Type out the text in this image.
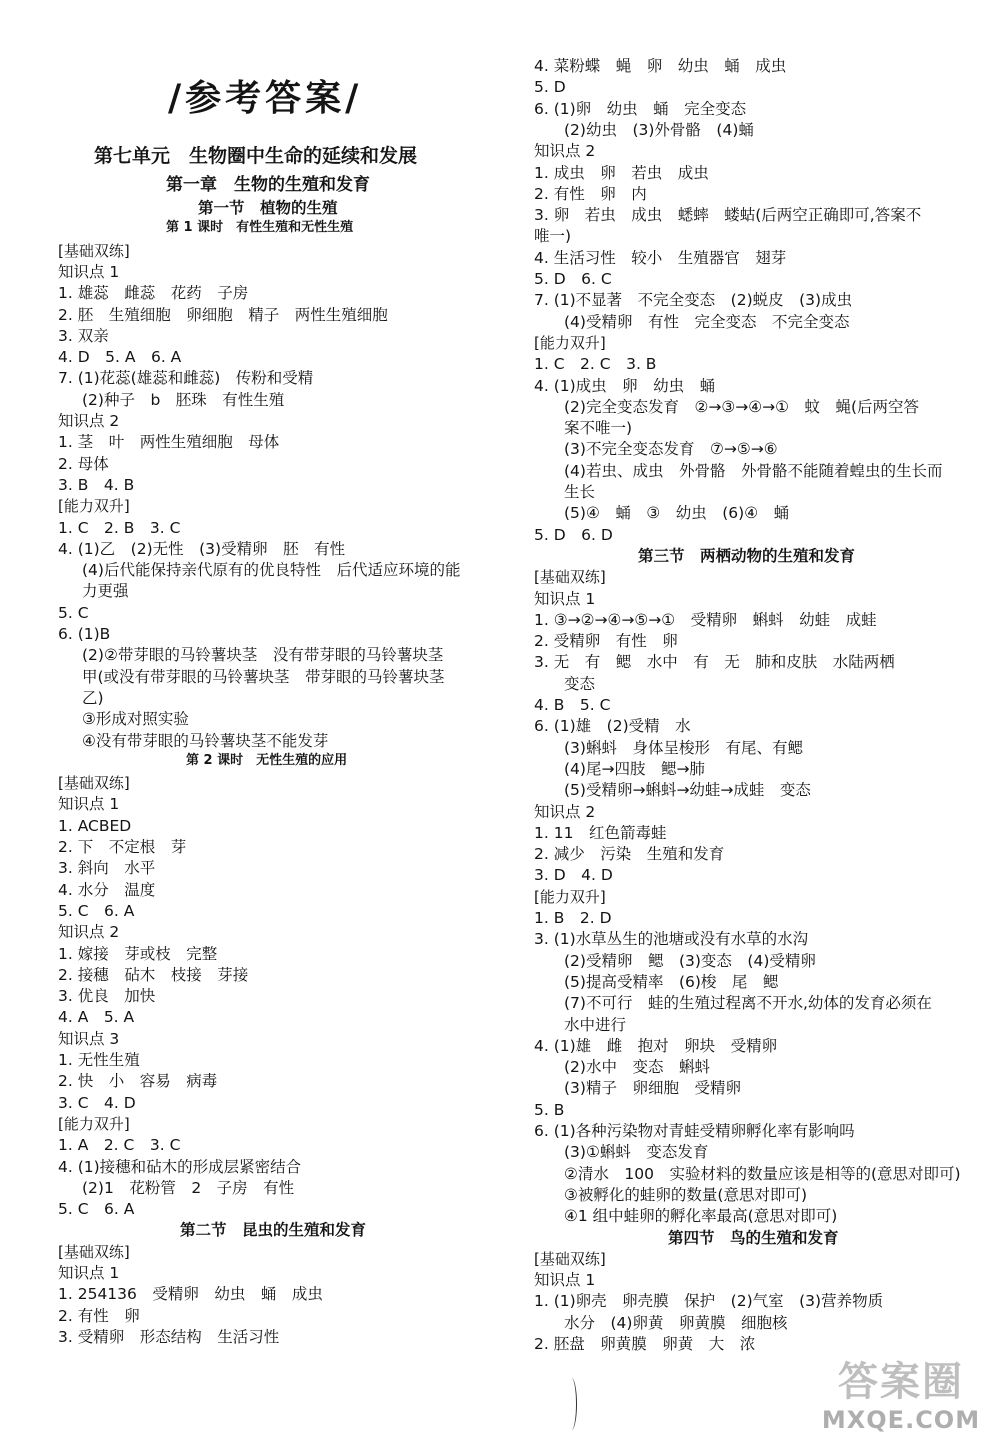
/参考答案/
第七单元　生物圈中生命的延续和发展
第一章　生物的生殖和发育
第一节　植物的生殖
第 1 课时　有性生殖和无性生殖
[基础双练]
知识点 1
1. 雄蕊　雌蕊　花药　子房
2. 胚　生殖细胞　卵细胞　精子　两性生殖细胞
3. 双亲
4. D　5. A　6. A
7. (1)花蕊(雄蕊和雌蕊)　传粉和受精
(2)种子　b　胚珠　有性生殖
知识点 2
1. 茎　叶　两性生殖细胞　母体
2. 母体
3. B　4. B
[能力双升]
1. C　2. B　3. C
4. (1)乙　(2)无性　(3)受精卵　胚　有性
(4)后代能保持亲代原有的优良特性　后代适应环境的能
力更强
5. C
6. (1)B
(2)②带芽眼的马铃薯块茎　没有带芽眼的马铃薯块茎
甲(或没有带芽眼的马铃薯块茎　带芽眼的马铃薯块茎
乙)
③形成对照实验
④没有带芽眼的马铃薯块茎不能发芽
第 2 课时　无性生殖的应用
[基础双练]
知识点 1
1. ACBED
2. 下　不定根　芽
3. 斜向　水平
4. 水分　温度
5. C　6. A
知识点 2
1. 嫁接　芽或枝　完整
2. 接穗　砧木　枝接　芽接
3. 优良　加快
4. A　5. A
知识点 3
1. 无性生殖
2. 快　小　容易　病毒
3. C　4. D
[能力双升]
1. A　2. C　3. C
4. (1)接穗和砧木的形成层紧密结合
(2)1　花粉管　2　子房　有性
5. C　6. A
第二节　昆虫的生殖和发育
[基础双练]
知识点 1
1. 254136　受精卵　幼虫　蛹　成虫
2. 有性　卵
3. 受精卵　形态结构　生活习性
4. 菜粉蝶　蝇　卵　幼虫　蛹　成虫
5. D
6. (1)卵　幼虫　蛹　完全变态
(2)幼虫　(3)外骨骼　(4)蛹
知识点 2
1. 成虫　卵　若虫　成虫
2. 有性　卵　内
3. 卵　若虫　成虫　蟋蟀　蝼蛄(后两空正确即可,答案不
唯一)
4. 生活习性　较小　生殖器官　翅芽
5. D　6. C
7. (1)不显著　不完全变态　(2)蜕皮　(3)成虫
(4)受精卵　有性　完全变态　不完全变态
[能力双升]
1. C　2. C　3. B
4. (1)成虫　卵　幼虫　蛹
(2)完全变态发育　②→③→④→①　蚊　蝇(后两空答
案不唯一)
(3)不完全变态发育　⑦→⑤→⑥
(4)若虫、成虫　外骨骼　外骨骼不能随着蝗虫的生长而
生长
(5)④　蛹　③　幼虫　(6)④　蛹
5. D　6. D
第三节　两栖动物的生殖和发育
[基础双练]
知识点 1
1. ③→②→④→⑤→①　受精卵　蝌蚪　幼蛙　成蛙
2. 受精卵　有性　卵
3. 无　有　鳃　水中　有　无　肺和皮肤　水陆两栖
变态
4. B　5. C
6. (1)雄　(2)受精　水
(3)蝌蚪　身体呈梭形　有尾、有鳃
(4)尾→四肢　鳃→肺
(5)受精卵→蝌蚪→幼蛙→成蛙　变态
知识点 2
1. 11　红色箭毒蛙
2. 减少　污染　生殖和发育
3. D　4. D
[能力双升]
1. B　2. D
3. (1)水草丛生的池塘或没有水草的水沟
(2)受精卵　鳃　(3)变态　(4)受精卵
(5)提高受精率　(6)梭　尾　鳃
(7)不可行　蛙的生殖过程离不开水,幼体的发育必须在
水中进行
4. (1)雄　雌　抱对　卵块　受精卵
(2)水中　变态　蝌蚪
(3)精子　卵细胞　受精卵
5. B
6. (1)各种污染物对青蛙受精卵孵化率有影响吗
(3)①蝌蚪　变态发育
②清水　100　实验材料的数量应该是相等的(意思对即可)
③被孵化的蛙卵的数量(意思对即可)
④1 组中蛙卵的孵化率最高(意思对即可)
第四节　鸟的生殖和发育
[基础双练]
知识点 1
1. (1)卵壳　卵壳膜　保护　(2)气室　(3)营养物质
水分　(4)卵黄　卵黄膜　细胞核
2. 胚盘　卵黄膜　卵黄　大　浓
答案圈
MXQE.COM
